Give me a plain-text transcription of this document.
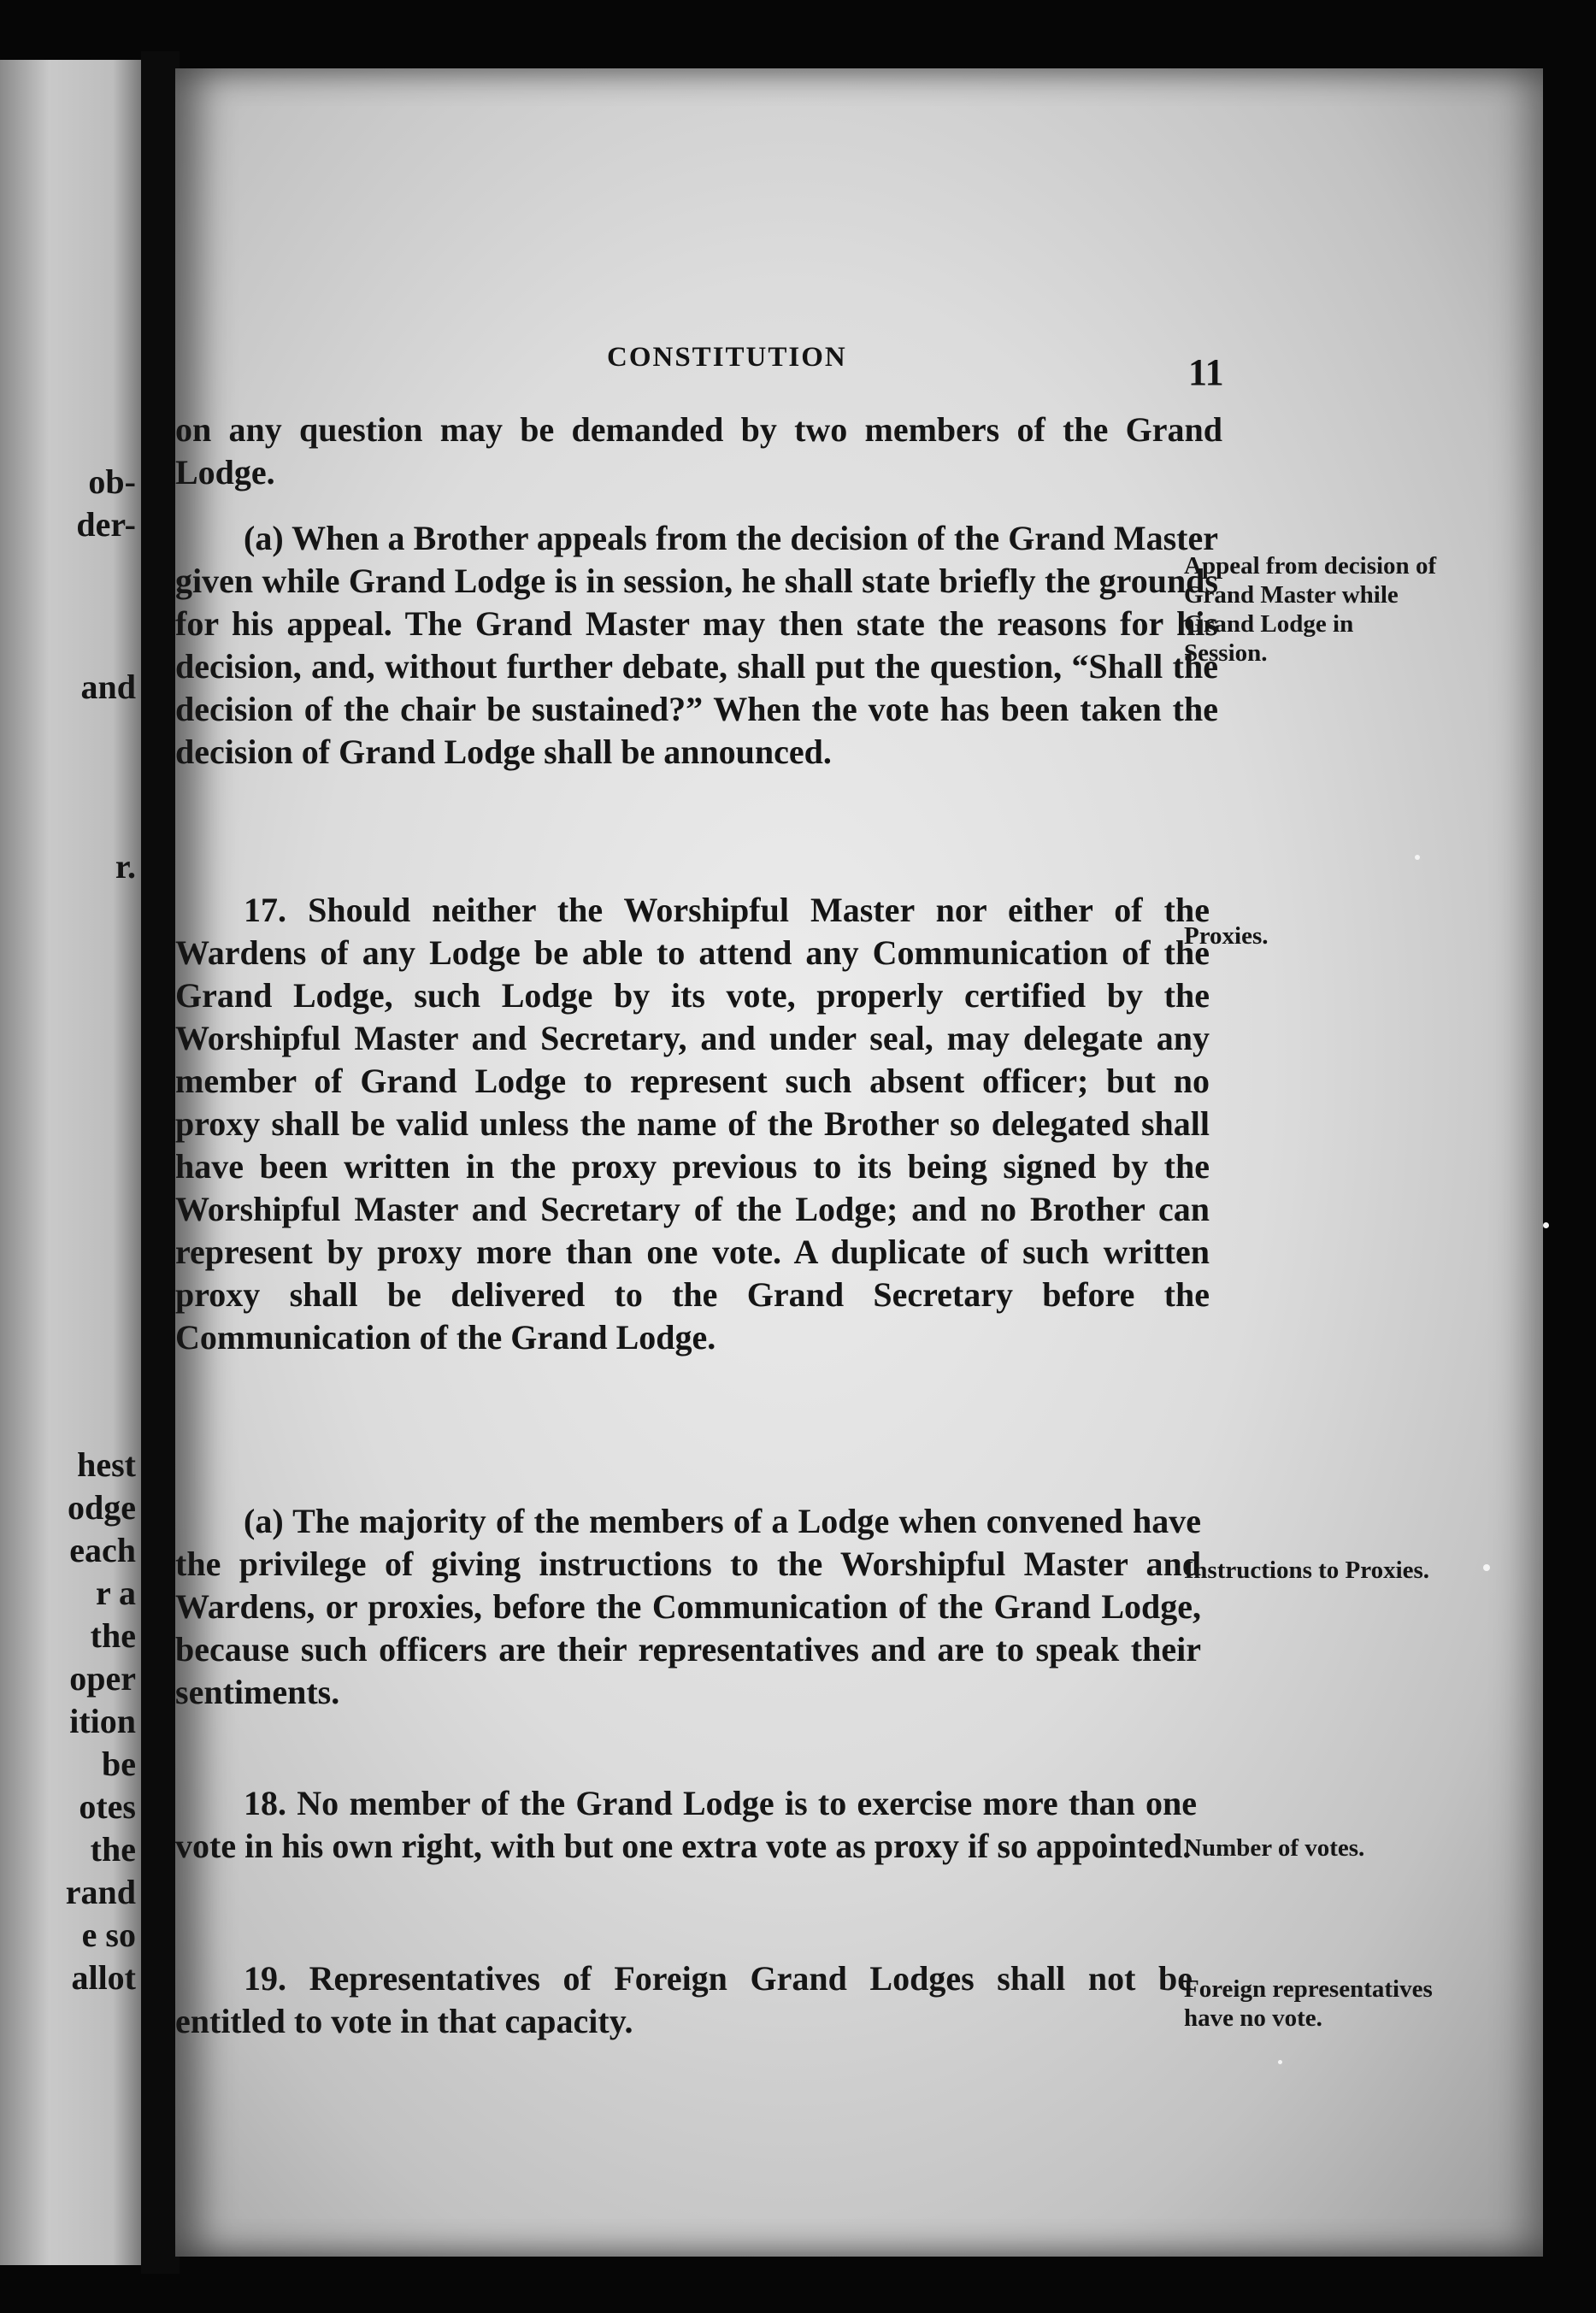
ob-
der-
and
r.
hest
odge
each
r a
the
oper
ition
be
otes
the
rand
e so
allot
CONSTITUTION	11
on any question may be demanded by two members of the Grand Lodge.
(a) When a Brother appeals from the decision of the Grand Master given while Grand Lodge is in session, he shall state briefly the grounds for his appeal. The Grand Master may then state the reasons for his decision, and, without further debate, shall put the question, “Shall the decision of the chair be sustained?” When the vote has been taken the decision of Grand Lodge shall be announced.
17. Should neither the Worshipful Master nor either of the Wardens of any Lodge be able to attend any Communication of the Grand Lodge, such Lodge by its vote, properly certified by the Worshipful Master and Secretary, and under seal, may delegate any member of Grand Lodge to represent such absent officer; but no proxy shall be valid unless the name of the Brother so delegated shall have been written in the proxy previous to its being signed by the Worshipful Master and Secretary of the Lodge; and no Brother can represent by proxy more than one vote. A duplicate of such written proxy shall be delivered to the Grand Secretary before the Communication of the Grand Lodge.
(a) The majority of the members of a Lodge when convened have the privilege of giving instructions to the Worshipful Master and Wardens, or proxies, before the Communication of the Grand Lodge, because such officers are their representatives and are to speak their sentiments.
18. No member of the Grand Lodge is to exercise more than one vote in his own right, with but one extra vote as proxy if so appointed.
19. Representatives of Foreign Grand Lodges shall not be entitled to vote in that capacity.
Appeal from decision of Grand Master while Grand Lodge in Session.
Proxies.
Instructions to Proxies.
Number of votes.
Foreign representatives have no vote.
